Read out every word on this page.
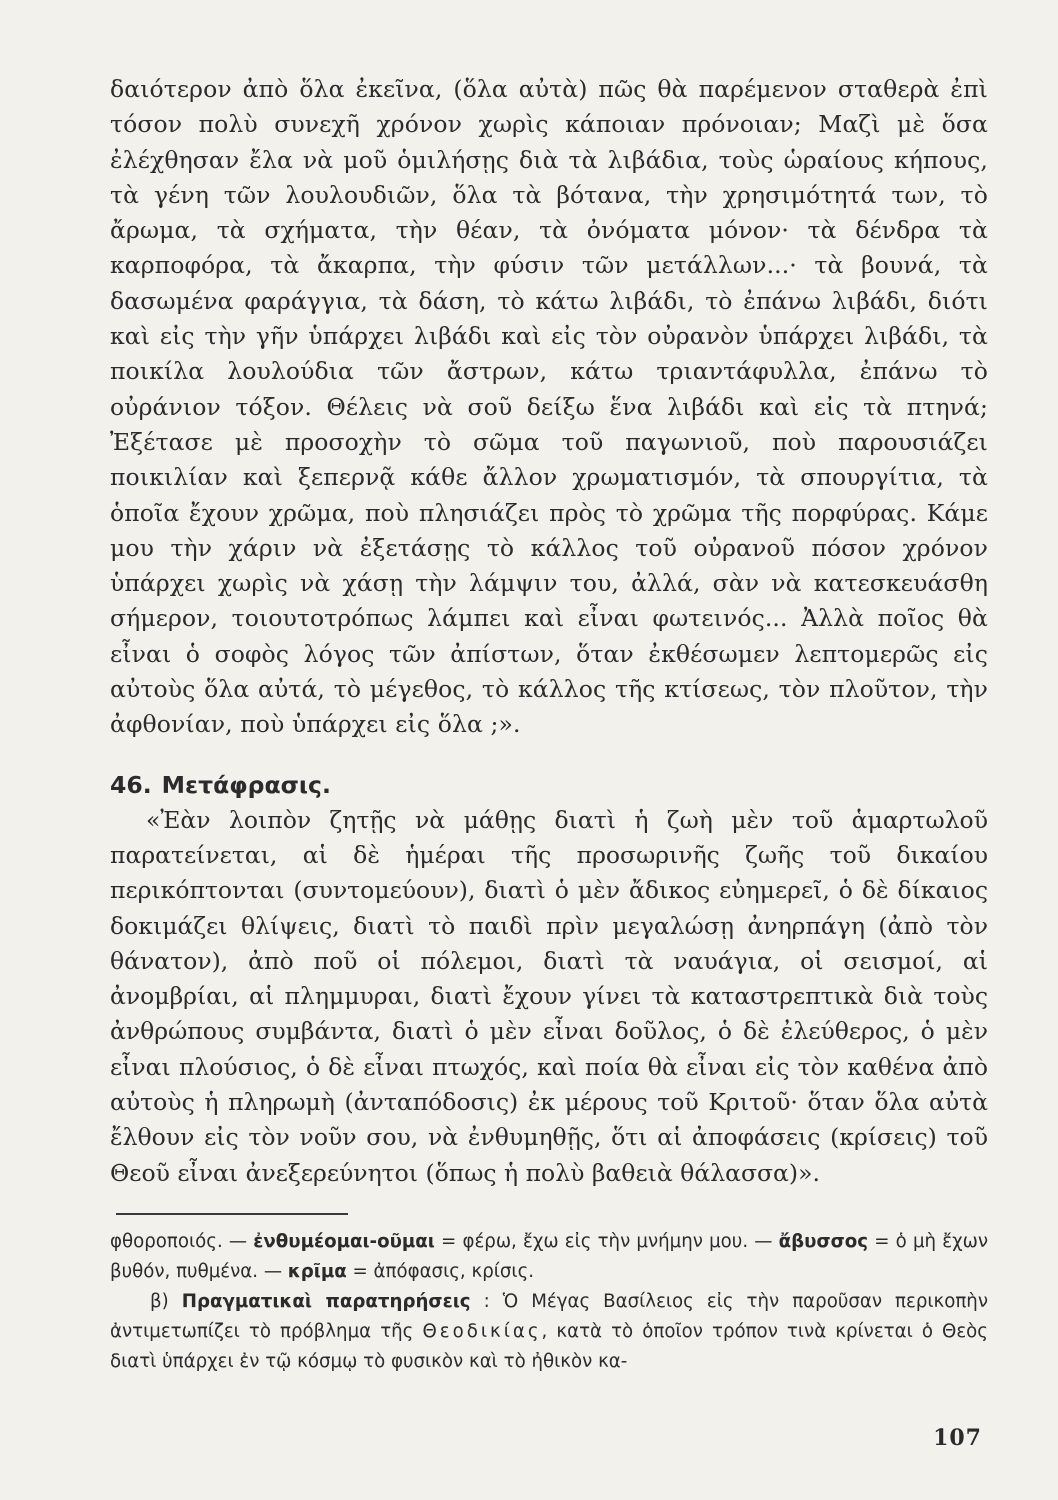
δαιότερον ἀπὸ ὅλα ἐκεῖνα, (ὅλα αὐτὰ) πῶς θὰ παρέμενον σταθερὰ ἐπὶ τόσον πολὺ συνεχῆ χρόνον χωρὶς κάποιαν πρόνοιαν; Μαζὶ μὲ ὅσα ἐλέχθησαν ἔλα νὰ μοῦ ὁμιλήσῃς διὰ τὰ λιβάδια, τοὺς ὡραίους κήπους, τὰ γένη τῶν λουλουδιῶν, ὅλα τὰ βότανα, τὴν χρησιμότητά των, τὸ ἄρωμα, τὰ σχήματα, τὴν θέαν, τὰ ὀνόματα μόνον· τὰ δένδρα τὰ καρποφόρα, τὰ ἄκαρπα, τὴν φύσιν τῶν μετάλλων...· τὰ βουνά, τὰ δασωμένα φαράγγια, τὰ δάση, τὸ κάτω λιβάδι, τὸ ἐπάνω λιβάδι, διότι καὶ εἰς τὴν γῆν ὑπάρχει λιβάδι καὶ εἰς τὸν οὐρανὸν ὑπάρχει λιβάδι, τὰ ποικίλα λουλούδια τῶν ἄστρων, κάτω τριαντάφυλλα, ἐπάνω τὸ οὐράνιον τόξον. Θέλεις νὰ σοῦ δείξω ἕνα λιβάδι καὶ εἰς τὰ πτηνά; Ἐξέτασε μὲ προσοχὴν τὸ σῶμα τοῦ παγωνιοῦ, ποὺ παρουσιάζει ποικιλίαν καὶ ξεπερνᾷ κάθε ἄλλον χρωματισμόν, τὰ σπουργίτια, τὰ ὁποῖα ἔχουν χρῶμα, ποὺ πλησιάζει πρὸς τὸ χρῶμα τῆς πορφύρας. Κάμε μου τὴν χάριν νὰ ἐξετάσῃς τὸ κάλλος τοῦ οὐρανοῦ πόσον χρόνον ὑπάρχει χωρὶς νὰ χάσῃ τὴν λάμψιν του, ἀλλά, σὰν νὰ κατεσκευάσθη σήμερον, τοιουτοτρόπως λάμπει καὶ εἶναι φωτεινός... Ἀλλὰ ποῖος θὰ εἶναι ὁ σοφὸς λόγος τῶν ἀπίστων, ὅταν ἐκθέσωμεν λεπτομερῶς εἰς αὐτοὺς ὅλα αὐτά, τὸ μέγεθος, τὸ κάλλος τῆς κτίσεως, τὸν πλοῦτον, τὴν ἀφθονίαν, ποὺ ὑπάρχει εἰς ὅλα ;».

46. Μετάφρασις.

«Ἐὰν λοιπὸν ζητῇς νὰ μάθῃς διατὶ ἡ ζωὴ μὲν τοῦ ἁμαρτωλοῦ παρατείνεται, αἱ δὲ ἡμέραι τῆς προσωρινῆς ζωῆς τοῦ δικαίου περικόπτονται (συντομεύουν), διατὶ ὁ μὲν ἄδικος εὐημερεῖ, ὁ δὲ δίκαιος δοκιμάζει θλίψεις, διατὶ τὸ παιδὶ πρὶν μεγαλώσῃ ἀνηρπάγη (ἀπὸ τὸν θάνατον), ἀπὸ ποῦ οἱ πόλεμοι, διατὶ τὰ ναυάγια, οἱ σεισμοί, αἱ ἀνομβρίαι, αἱ πλημμυραι, διατὶ ἔχουν γίνει τὰ καταστρεπτικὰ διὰ τοὺς ἀνθρώπους συμβάντα, διατὶ ὁ μὲν εἶναι δοῦλος, ὁ δὲ ἐλεύθερος, ὁ μὲν εἶναι πλούσιος, ὁ δὲ εἶναι πτωχός, καὶ ποία θὰ εἶναι εἰς τὸν καθένα ἀπὸ αὐτοὺς ἡ πληρωμὴ (ἀνταπόδοσις) ἐκ μέρους τοῦ Κριτοῦ· ὅταν ὅλα αὐτὰ ἔλθουν εἰς τὸν νοῦν σου, νὰ ἐνθυμηθῇς, ὅτι αἱ ἀποφάσεις (κρίσεις) τοῦ Θεοῦ εἶναι ἀνεξερεύνητοι (ὅπως ἡ πολὺ βαθειὰ θάλασσα)».

φθοροποιός. — ἐνθυμέομαι-οῦμαι = φέρω, ἔχω εἰς τὴν μνήμην μου. — ἄβυσσος = ὁ μὴ ἔχων βυθόν, πυθμένα. — κρῖμα = ἀπόφασις, κρίσις.

β) Πραγματικαὶ παρατηρήσεις : Ὁ Μέγας Βασίλειος εἰς τὴν παροῦσαν περικοπὴν ἀντιμετωπίζει τὸ πρόβλημα τῆς Θεοδικίας, κατὰ τὸ ὁποῖον τρόπον τινὰ κρίνεται ὁ Θεὸς διατὶ ὑπάρχει ἐν τῷ κόσμῳ τὸ φυσικὸν καὶ τὸ ἠθικὸν κα-

107
